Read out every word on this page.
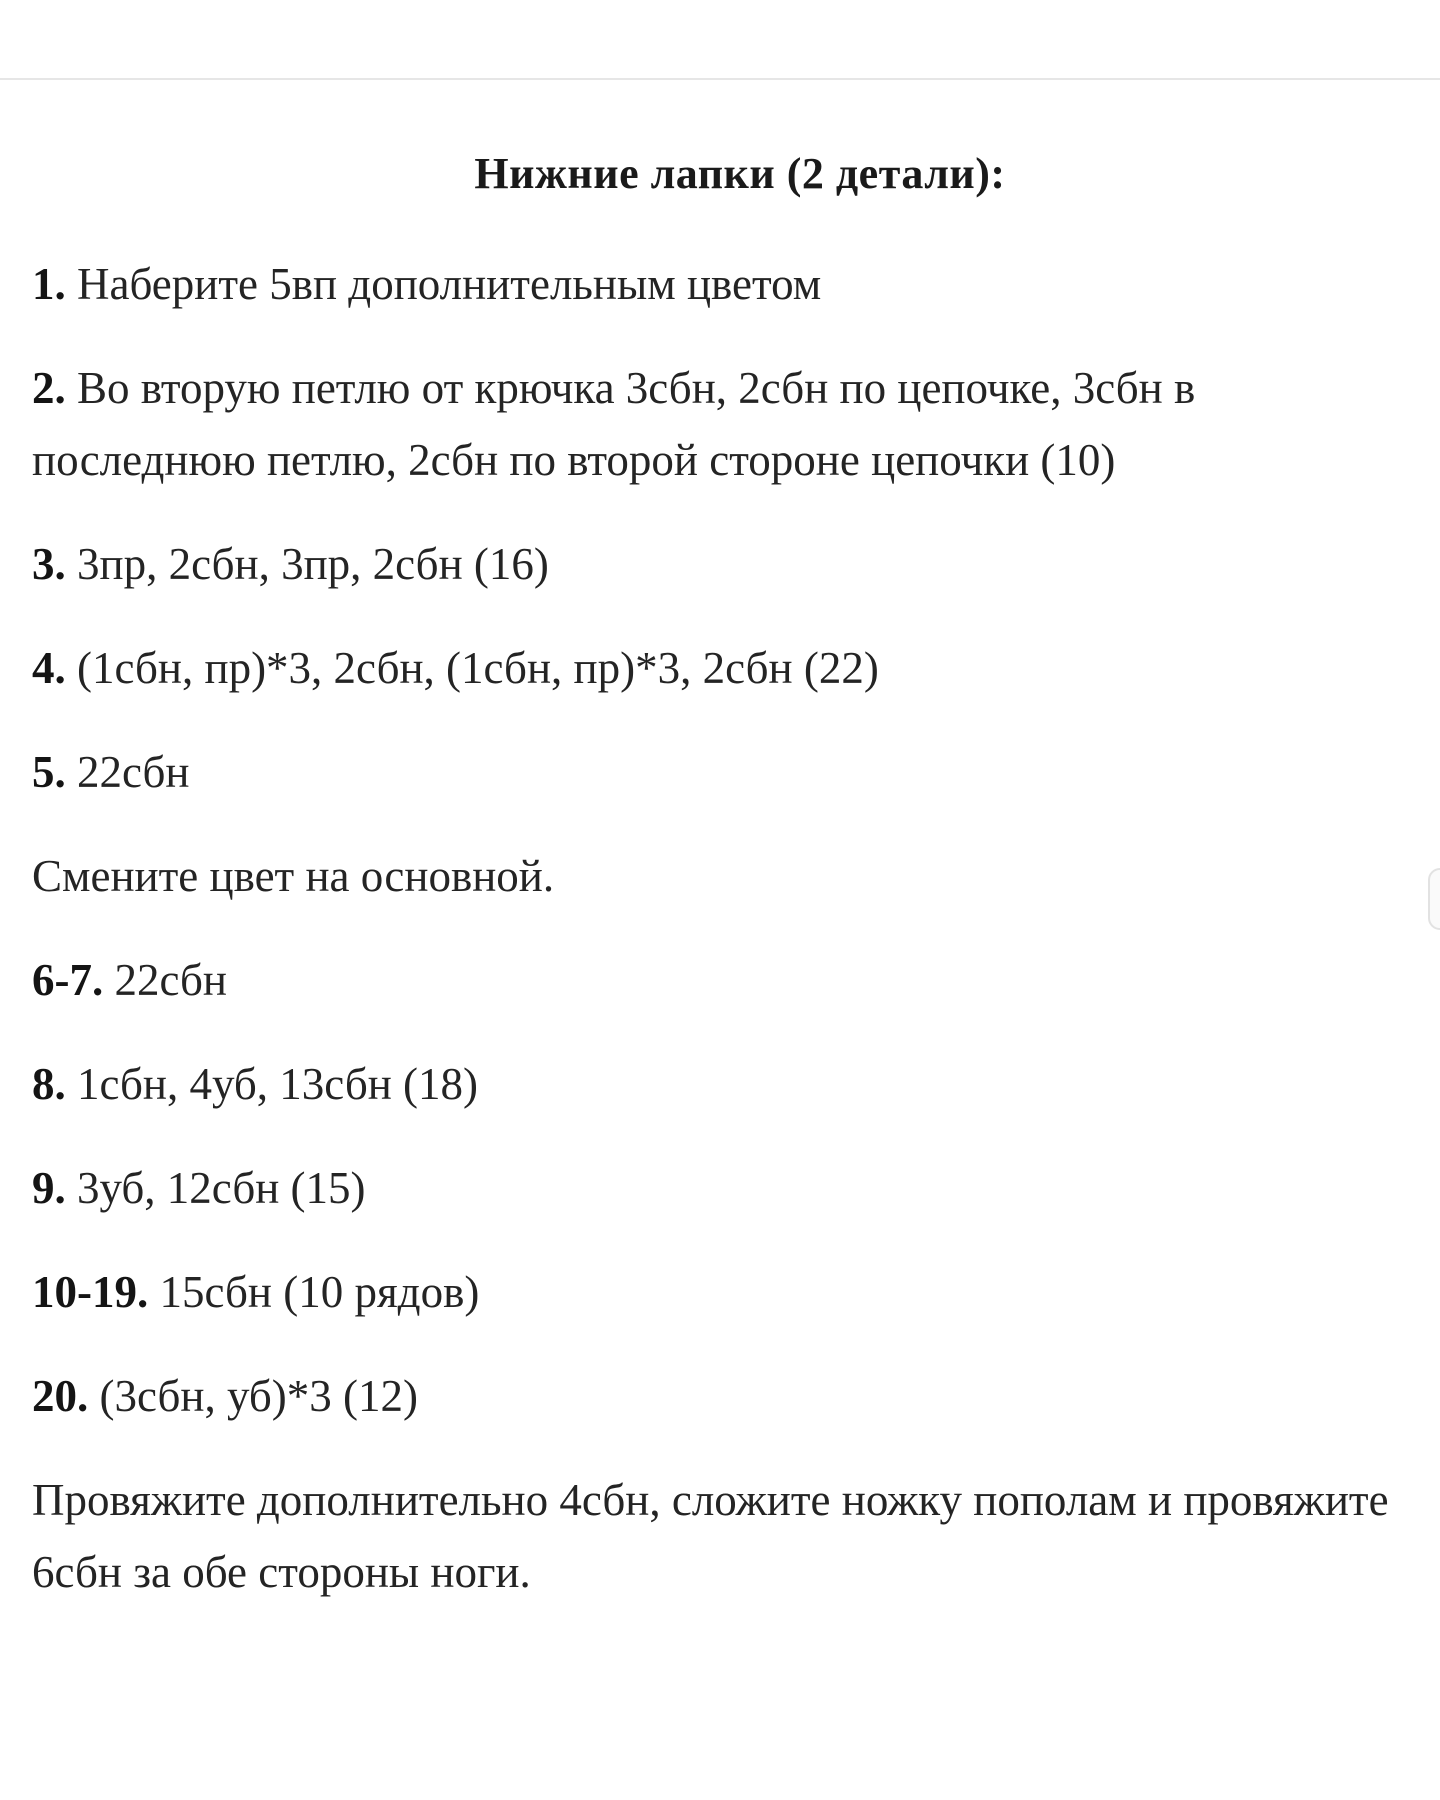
Нижние лапки (2 детали):

1. Наберите 5вп дополнительным цветом

2. Во вторую петлю от крючка 3сбн, 2сбн по цепочке, 3сбн в последнюю петлю, 2сбн по второй стороне цепочки (10)

3. 3пр, 2сбн, 3пр, 2сбн (16)

4. (1сбн, пр)*3, 2сбн, (1сбн, пр)*3, 2сбн (22)

5. 22сбн

Смените цвет на основной.

6-7. 22сбн

8. 1сбн, 4уб, 13сбн (18)

9. 3уб, 12сбн (15)

10-19. 15сбн (10 рядов)

20. (3сбн, уб)*3 (12)

Провяжите дополнительно 4сбн, сложите ножку пополам и провяжите 6сбн за обе стороны ноги.
